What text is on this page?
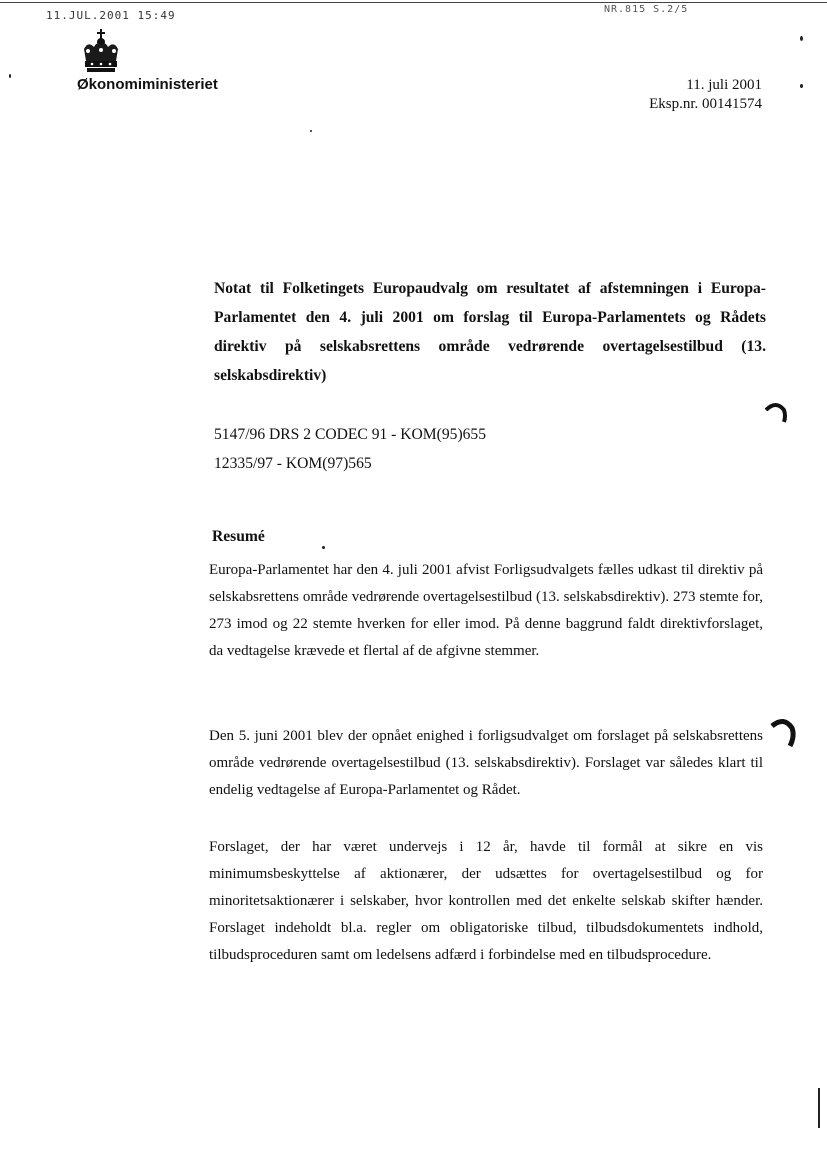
11.JUL.2001 15:49	NR.815 S.2/5
Økonomiministeriet	11. juli 2001
Eksp.nr. 00141574
Notat til Folketingets Europaudvalg om resultatet af afstemningen i Europa-Parlamentet den 4. juli 2001 om forslag til Europa-Parlamentets og Rådets direktiv på selskabsrettens område vedrørende overtagelsestilbud (13. selskabsdirektiv)
5147/96 DRS 2 CODEC 91 - KOM(95)655
12335/97 - KOM(97)565
Resumé

Europa-Parlamentet har den 4. juli 2001 afvist Forligsudvalgets fælles udkast til direktiv på selskabsrettens område vedrørende overtagelsestilbud (13. selskabsdirektiv). 273 stemte for, 273 imod og 22 stemte hverken for eller imod. På denne baggrund faldt direktivforslaget, da vedtagelse krævede et flertal af de afgivne stemmer.

Den 5. juni 2001 blev der opnået enighed i forligsudvalget om forslaget på selskabsrettens område vedrørende overtagelsestilbud (13. selskabsdirektiv). Forslaget var således klart til endelig vedtagelse af Europa-Parlamentet og Rådet.

Forslaget, der har været undervejs i 12 år, havde til formål at sikre en vis minimumsbeskyttelse af aktionærer, der udsættes for overtagelsestilbud og for minoritetsaktionærer i selskaber, hvor kontrollen med det enkelte selskab skifter hænder. Forslaget indeholdt bl.a. regler om obligatoriske tilbud, tilbudsdokumentets indhold, tilbudsproceduren samt om ledelsens adfærd i forbindelse med en tilbudsprocedure.
